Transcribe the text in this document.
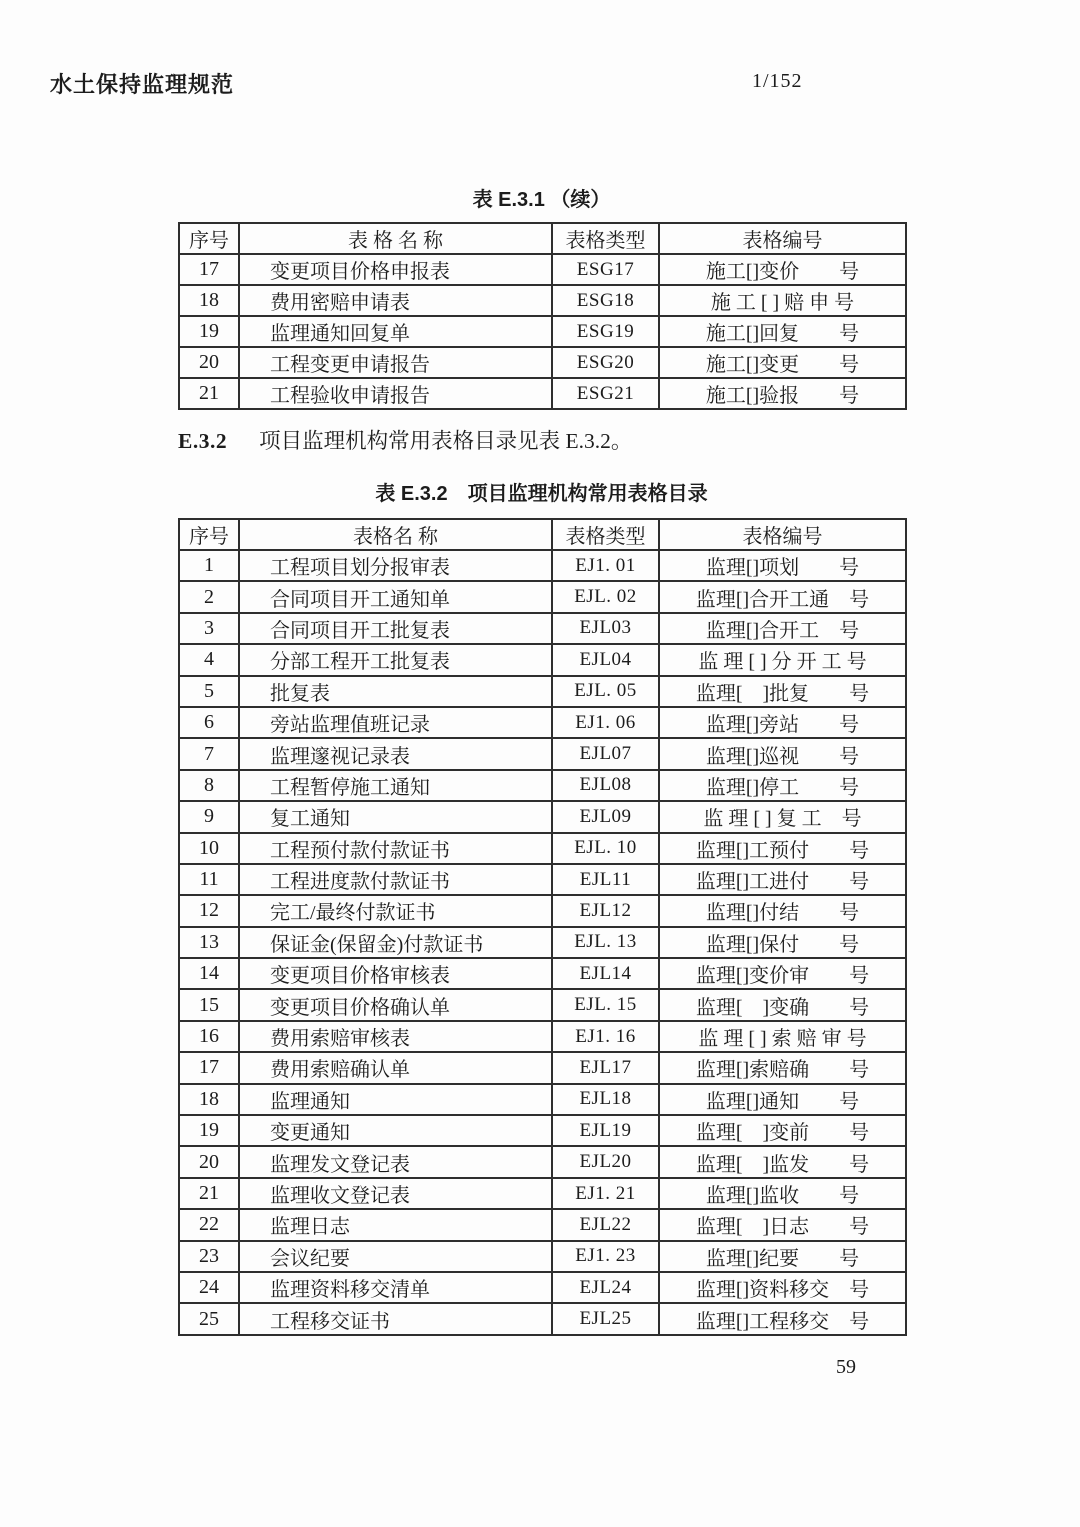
水土保持监理规范	1/152
表 E.3.1 （续）
序号	表 格 名 称	表格类型	表格编号
17	变更项目价格申报表	ESG17	施工[]变价　　号
18	费用密赔申请表	ESG18	施 工 [ ] 赔 申 号
19	监理通知回复单	ESG19	施工[]回复　　号
20	工程变更申请报告	ESG20	施工[]变更　　号
21	工程验收申请报告	ESG21	施工[]验报　　号
E.3.2 项目监理机构常用表格目录见表 E.3.2。
表 E.3.2　项目监理机构常用表格目录
序号	表格名 称	表格类型	表格编号
1	工程项目划分报审表	EJ1. 01	监理[]项划　　号
2	合同项目开工通知单	EJL. 02	监理[]合开工通　号
3	合同项目开工批复表	EJL03	监理[]合开工　号
4	分部工程开工批复表	EJL04	监 理 [ ] 分 开 工 号
5	批复表	EJL. 05	监理[　]批复　　号
6	旁站监理值班记录	EJ1. 06	监理[]旁站　　号
7	监理邃视记录表	EJL07	监理[]巡视　　号
8	工程暂停施工通知	EJL08	监理[]停工　　号
9	复工通知	EJL09	监 理 [ ] 复 工　号
10	工程预付款付款证书	EJL. 10	监理[]工预付　　号
11	工程进度款付款证书	EJL11	监理[]工进付　　号
12	完工/最终付款证书	EJL12	监理[]付结　　号
13	保证金(保留金)付款证书	EJL. 13	监理[]保付　　号
14	变更项目价格审核表	EJL14	监理[]变价审　　号
15	变更项目价格确认单	EJL. 15	监理[　]变确　　号
16	费用索赔审核表	EJ1. 16	监 理 [ ] 索 赔 审 号
17	费用索赔确认单	EJL17	监理[]索赔确　　号
18	监理通知	EJL18	监理[]通知　　号
19	变更通知	EJL19	监理[　]变前　　号
20	监理发文登记表	EJL20	监理[　]监发　　号
21	监理收文登记表	EJ1. 21	监理[]监收　　号
22	监理日志	EJL22	监理[　]日志　　号
23	会议纪要	EJ1. 23	监理[]纪要　　号
24	监理资料移交清单	EJL24	监理[]资料移交　号
25	工程移交证书	EJL25	监理[]工程移交　号
59
